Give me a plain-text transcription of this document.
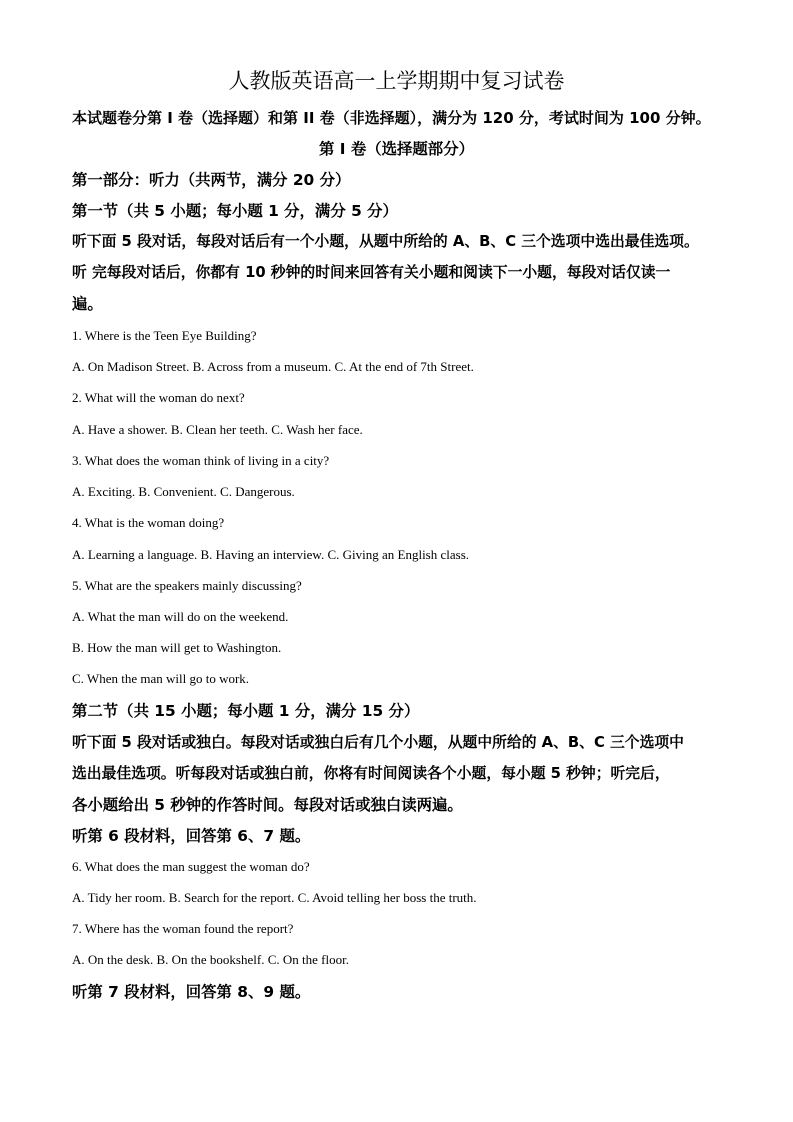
人教版英语高一上学期期中复习试卷
本试题卷分第 I 卷（选择题）和第 II 卷（非选择题），满分为 120 分，考试时间为 100 分钟。
第 I 卷（选择题部分）
第一部分：听力（共两节，满分 20 分）
第一节（共 5 小题；每小题 1 分，满分 5 分）
听下面 5 段对话，每段对话后有一个小题，从题中所给的 A、B、C 三个选项中选出最佳选项。
听 完每段对话后，你都有 10 秒钟的时间来回答有关小题和阅读下一小题，每段对话仅读一
遍。
1. Where is the Teen Eye Building?
A. On Madison Street. B. Across from a museum. C. At the end of 7th Street.
2. What will the woman do next?
A. Have a shower. B. Clean her teeth. C. Wash her face.
3. What does the woman think of living in a city?
A. Exciting. B. Convenient. C. Dangerous.
4. What is the woman doing?
A. Learning a language. B. Having an interview. C. Giving an English class.
5. What are the speakers mainly discussing?
A. What the man will do on the weekend.
B. How the man will get to Washington.
C. When the man will go to work.
第二节（共 15 小题；每小题 1 分，满分 15 分）
听下面 5 段对话或独白。每段对话或独白后有几个小题，从题中所给的 A、B、C 三个选项中
选出最佳选项。听每段对话或独白前，你将有时间阅读各个小题，每小题 5 秒钟；听完后，
各小题给出 5 秒钟的作答时间。每段对话或独白读两遍。
听第 6 段材料，回答第 6、7 题。
6. What does the man suggest the woman do?
A. Tidy her room. B. Search for the report. C. Avoid telling her boss the truth.
7. Where has the woman found the report?
A. On the desk. B. On the bookshelf. C. On the floor.
听第 7 段材料，回答第 8、9 题。
